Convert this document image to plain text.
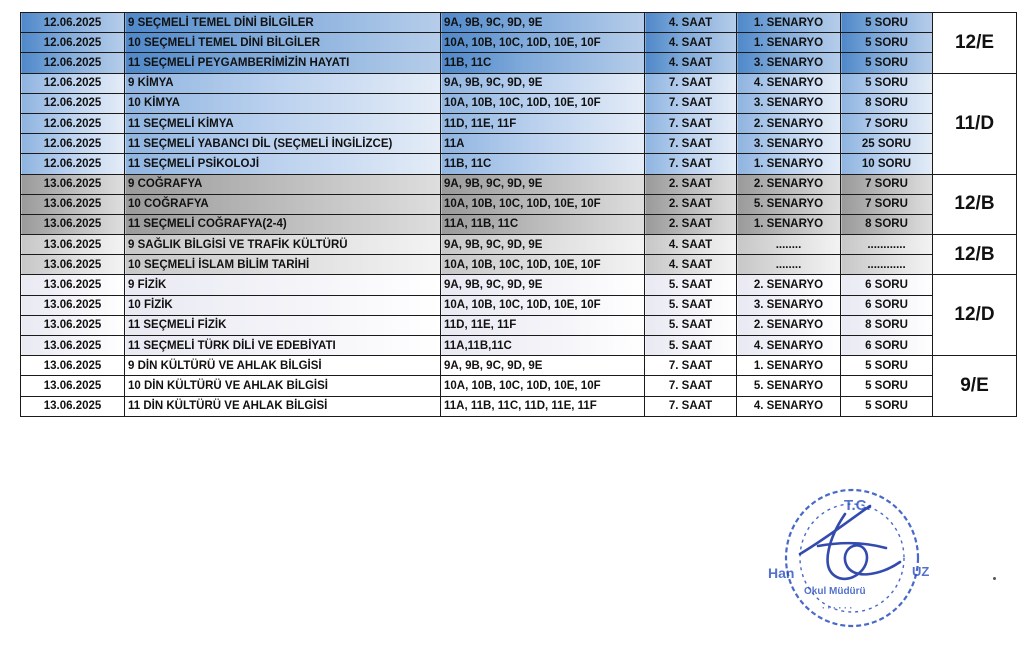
12.06.2025	9 SEÇMELİ TEMEL DİNİ BİLGİLER	9A, 9B, 9C, 9D, 9E	4. SAAT	1. SENARYO	5 SORU	12/E
12.06.2025	10 SEÇMELİ TEMEL DİNİ BİLGİLER	10A, 10B, 10C, 10D, 10E, 10F	4. SAAT	1. SENARYO	5 SORU	
12.06.2025	11 SEÇMELİ PEYGAMBERİMİZİN HAYATI	11B, 11C	4. SAAT	3. SENARYO	5 SORU	
12.06.2025	9 KİMYA	9A, 9B, 9C, 9D, 9E	7. SAAT	4. SENARYO	5 SORU	11/D
12.06.2025	10 KİMYA	10A, 10B, 10C, 10D, 10E, 10F	7. SAAT	3. SENARYO	8 SORU	
12.06.2025	11 SEÇMELİ KİMYA	11D, 11E, 11F	7. SAAT	2. SENARYO	7 SORU	
12.06.2025	11 SEÇMELİ YABANCI DİL (SEÇMELİ İNGİLİZCE)	11A	7. SAAT	3. SENARYO	25 SORU	
12.06.2025	11 SEÇMELİ PSİKOLOJİ	11B, 11C	7. SAAT	1. SENARYO	10 SORU	
13.06.2025	9 COĞRAFYA	9A, 9B, 9C, 9D, 9E	2. SAAT	2. SENARYO	7 SORU	12/B
13.06.2025	10 COĞRAFYA	10A, 10B, 10C, 10D, 10E, 10F	2. SAAT	5. SENARYO	7 SORU	
13.06.2025	11 SEÇMELİ COĞRAFYA(2-4)	11A, 11B, 11C	2. SAAT	1. SENARYO	8 SORU	
13.06.2025	9 SAĞLIK BİLGİSİ VE TRAFİK KÜLTÜRÜ	9A, 9B, 9C, 9D, 9E	4. SAAT	........	............	12/B
13.06.2025	10 SEÇMELİ İSLAM BİLİM TARİHİ	10A, 10B, 10C, 10D, 10E, 10F	4. SAAT	........	............	
13.06.2025	9 FİZİK	9A, 9B, 9C, 9D, 9E	5. SAAT	2. SENARYO	6 SORU	12/D
13.06.2025	10 FİZİK	10A, 10B, 10C, 10D, 10E, 10F	5. SAAT	3. SENARYO	6 SORU	
13.06.2025	11 SEÇMELİ FİZİK	11D, 11E, 11F	5. SAAT	2. SENARYO	8 SORU	
13.06.2025	11 SEÇMELİ TÜRK DİLİ VE EDEBİYATI	11A,11B,11C	5. SAAT	4. SENARYO	6 SORU	
13.06.2025	9 DİN KÜLTÜRÜ VE AHLAK BİLGİSİ	9A, 9B, 9C, 9D, 9E	7. SAAT	1. SENARYO	5 SORU	9/E
13.06.2025	10 DİN KÜLTÜRÜ VE AHLAK BİLGİSİ	10A, 10B, 10C, 10D, 10E, 10F	7. SAAT	5. SENARYO	5 SORU	
13.06.2025	11 DİN KÜLTÜRÜ VE AHLAK BİLGİSİ	11A, 11B, 11C, 11D, 11E, 11F	7. SAAT	4. SENARYO	5 SORU	
T.C.
Han	UZ
Okul Müdürü
· · · · · ·
